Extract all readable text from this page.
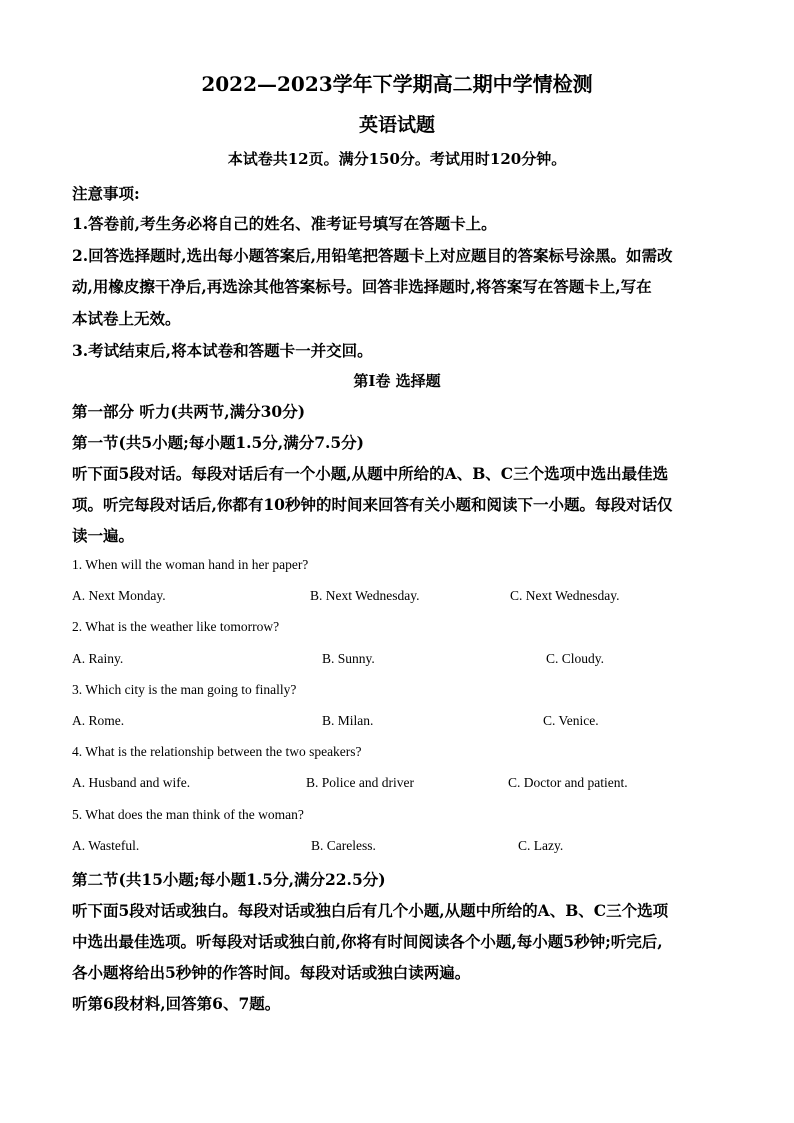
2022—2023学年下学期高二期中学情检测
英语试题
本试卷共12页。满分150分。考试用时120分钟。
注意事项:
1.答卷前,考生务必将自己的姓名、准考证号填写在答题卡上。
2.回答选择题时,选出每小题答案后,用铅笔把答题卡上对应题目的答案标号涂黑。如需改
动,用橡皮擦干净后,再选涂其他答案标号。回答非选择题时,将答案写在答题卡上,写在
本试卷上无效。
3.考试结束后,将本试卷和答题卡一并交回。
第Ⅰ卷 选择题
第一部分 听力(共两节,满分30分)
第一节(共5小题;每小题1.5分,满分7.5分)
听下面5段对话。每段对话后有一个小题,从题中所给的A、B、C三个选项中选出最佳选
项。听完每段对话后,你都有10秒钟的时间来回答有关小题和阅读下一小题。每段对话仅
读一遍。
1. When will the woman hand in her paper?
A. Next Monday.	B. Next Wednesday.	C. Next Wednesday.
2. What is the weather like tomorrow?
A. Rainy.	B. Sunny.	C. Cloudy.
3. Which city is the man going to finally?
A. Rome.	B. Milan.	C. Venice.
4. What is the relationship between the two speakers?
A. Husband and wife.	B. Police and driver	C. Doctor and patient.
5. What does the man think of the woman?
A. Wasteful.	B. Careless.	C. Lazy.
第二节(共15小题;每小题1.5分,满分22.5分)
听下面5段对话或独白。每段对话或独白后有几个小题,从题中所给的A、B、C三个选项
中选出最佳选项。听每段对话或独白前,你将有时间阅读各个小题,每小题5秒钟;听完后,
各小题将给出5秒钟的作答时间。每段对话或独白读两遍。
听第6段材料,回答第6、7题。
